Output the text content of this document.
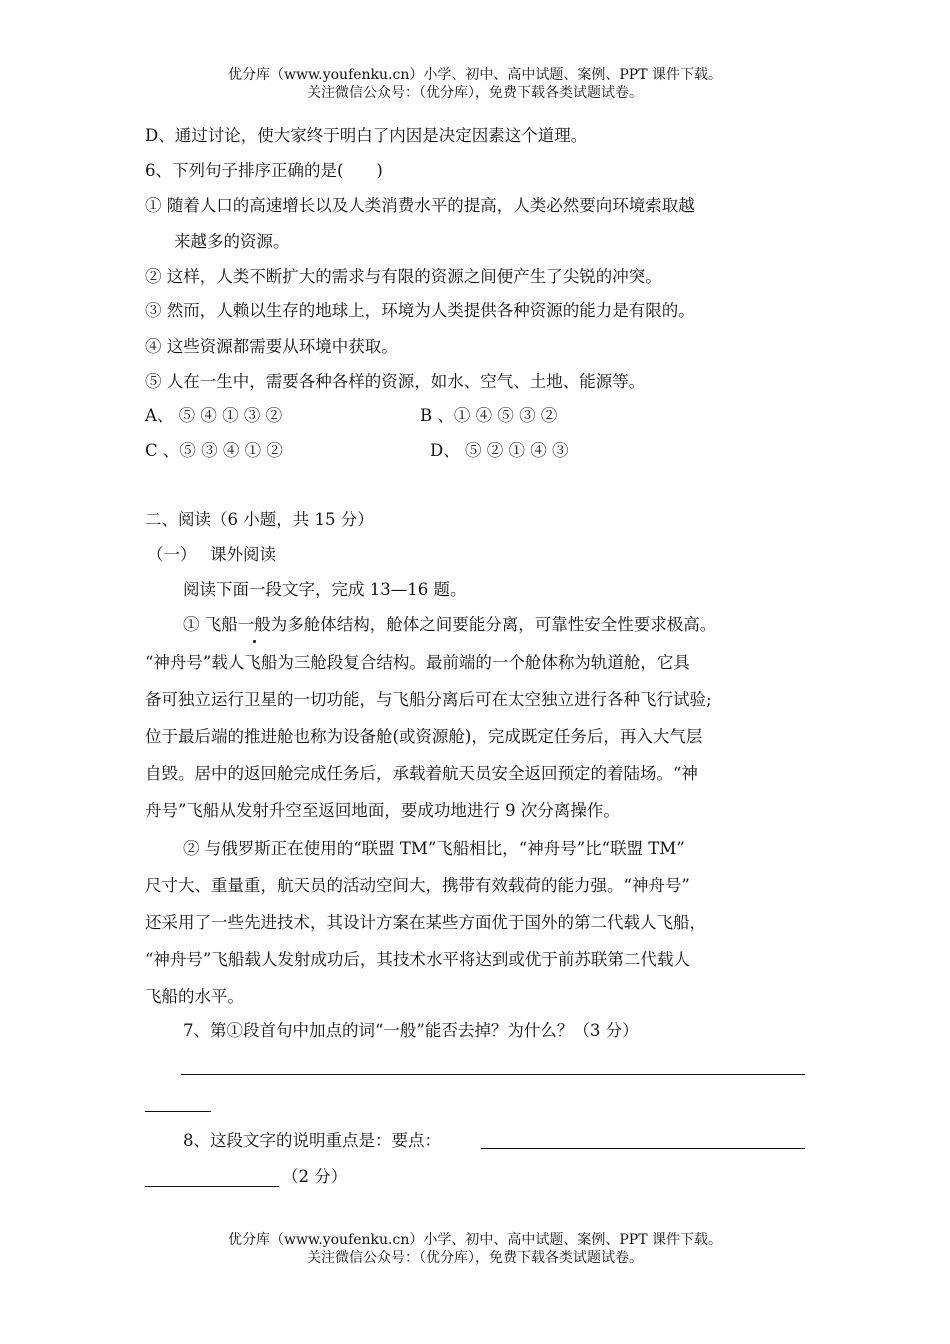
优分库（www.youfenku.cn）小学、初中、高中试题、案例、PPT 课件下载。
关注微信公众号：（优分库），免费下载各类试题试卷。
D、通过讨论，使大家终于明白了内因是决定因素这个道理。
6、下列句子排序正确的是(　　)
① 随着人口的高速增长以及人类消费水平的提高，人类必然要向环境索取越
来越多的资源。
② 这样，人类不断扩大的需求与有限的资源之间便产生了尖锐的冲突。
③ 然而，人赖以生存的地球上，环境为人类提供各种资源的能力是有限的。
④ 这些资源都需要从环境中获取。
⑤ 人在一生中，需要各种各样的资源，如水、空气、土地、能源等。
A、 ⑤ ④ ① ③ ②	B 、① ④ ⑤ ③ ②
C 、⑤ ③ ④ ① ②	D、 ⑤ ② ① ④ ③
二、阅读（6 小题，共 15 分）
（一）　 课外阅读
阅读下面一段文字，完成 13—16 题。
① 飞船一般为多舱体结构，舱体之间要能分离，可靠性安全性要求极高。
“神舟号”载人飞船为三舱段复合结构。最前端的一个舱体称为轨道舱，它具
备可独立运行卫星的一切功能，与飞船分离后可在太空独立进行各种飞行试验;
位于最后端的推进舱也称为设备舱(或资源舱)，完成既定任务后，再入大气层
自毁。居中的返回舱完成任务后，承载着航天员安全返回预定的着陆场。“神
舟号”飞船从发射升空至返回地面，要成功地进行 9 次分离操作。
② 与俄罗斯正在使用的“联盟 TM”飞船相比，“神舟号”比“联盟 TM”
尺寸大、重量重，航天员的活动空间大，携带有效载荷的能力强。“神舟号”
还采用了一些先进技术，其设计方案在某些方面优于国外的第二代载人飞船，
“神舟号”飞船载人发射成功后，其技术水平将达到或优于前苏联第二代载人
飞船的水平。
7、第①段首句中加点的词“一般”能否去掉？为什么？（3 分）
8、这段文字的说明重点是：要点：
（2 分）
优分库（www.youfenku.cn）小学、初中、高中试题、案例、PPT 课件下载。
关注微信公众号：（优分库），免费下载各类试题试卷。
